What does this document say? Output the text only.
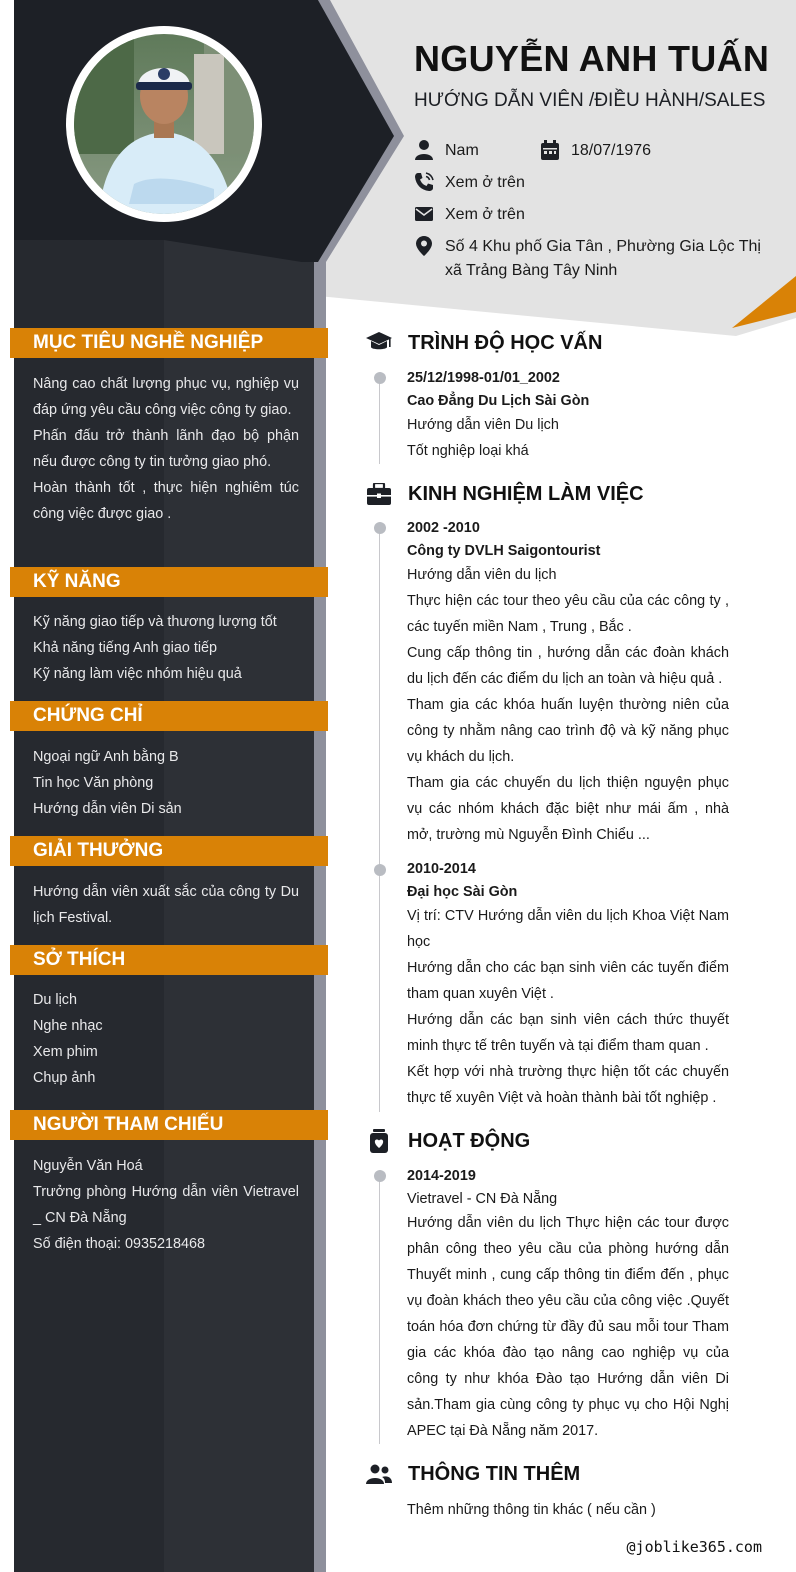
NGUYỄN ANH TUẤN
HƯỚNG DẪN VIÊN /ĐIỀU HÀNH/SALES
Nam	18/07/1976
Xem ở trên
Xem ở trên
Số 4 Khu phố Gia Tân , Phường Gia Lộc Thị xã Trảng Bàng Tây Ninh
MỤC TIÊU NGHỀ NGHIỆP

Nâng cao chất lượng phục vụ, nghiệp vụ đáp ứng yêu cầu công việc công ty giao.

Phấn đấu trở thành lãnh đạo bộ phận nếu được công ty tin tưởng giao phó.

Hoàn thành tốt , thực hiện nghiêm túc công việc được giao .

KỸ NĂNG
Kỹ năng giao tiếp và thương lượng tốt
Khả năng tiếng Anh giao tiếp
Kỹ năng làm việc nhóm hiệu quả
CHỨNG CHỈ
Ngoại ngữ Anh bằng B
Tin học Văn phòng
Hướng dẫn viên Di sản
GIẢI THƯỞNG

Hướng dẫn viên xuất sắc của công ty Du lịch Festival.

SỞ THÍCH
Du lịch
Nghe nhạc
Xem phim
Chụp ảnh
NGƯỜI THAM CHIẾU
Nguyễn Văn Hoá

Trưởng phòng Hướng dẫn viên Vietravel _ CN Đà Nẵng

Số điện thoại: 0935218468
TRÌNH ĐỘ HỌC VẤN
25/12/1998-01/01_2002
Cao Đẳng Du Lịch Sài Gòn
Hướng dẫn viên Du lịch
Tốt nghiệp loại khá
KINH NGHIỆM LÀM VIỆC
2002 -2010
Công ty DVLH Saigontourist
Hướng dẫn viên du lịch

Thực hiện các tour theo yêu cầu của các công ty , các tuyến miền Nam , Trung , Bắc .

Cung cấp thông tin , hướng dẫn các đoàn khách du lịch đến các điểm du lịch an toàn và hiệu quả .

Tham gia các khóa huấn luyện thường niên của công ty nhằm nâng cao trình độ và kỹ năng phục vụ khách du lịch.

Tham gia các chuyến du lịch thiện nguyện phục vụ các nhóm khách đặc biệt như mái ấm , nhà mở, trường mù Nguyễn Đình Chiểu ...

2010-2014
Đại học Sài Gòn

Vị trí: CTV Hướng dẫn viên du lịch Khoa Việt Nam học

Hướng dẫn cho các bạn sinh viên các tuyến điểm tham quan xuyên Việt .

Hướng dẫn các bạn sinh viên cách thức thuyết minh thực tế trên tuyến và tại điểm tham quan .

Kết hợp với nhà trường thực hiện tốt các chuyến thực tế xuyên Việt và hoàn thành bài tốt nghiệp .

HOẠT ĐỘNG
2014-2019
Vietravel - CN Đà Nẵng

Hướng dẫn viên du lịch Thực hiện các tour được phân công theo yêu cầu của phòng hướng dẫn Thuyết minh , cung cấp thông tin điểm đến , phục vụ đoàn khách theo yêu cầu của công việc .Quyết toán hóa đơn chứng từ đầy đủ sau mỗi tour Tham gia các khóa đào tạo nâng cao nghiệp vụ của công ty như khóa Đào tạo Hướng dẫn viên Di sản.Tham gia cùng công ty phục vụ cho Hội Nghị APEC tại Đà Nẵng năm 2017.

THÔNG TIN THÊM
Thêm những thông tin khác ( nếu cần )
@joblike365.com
